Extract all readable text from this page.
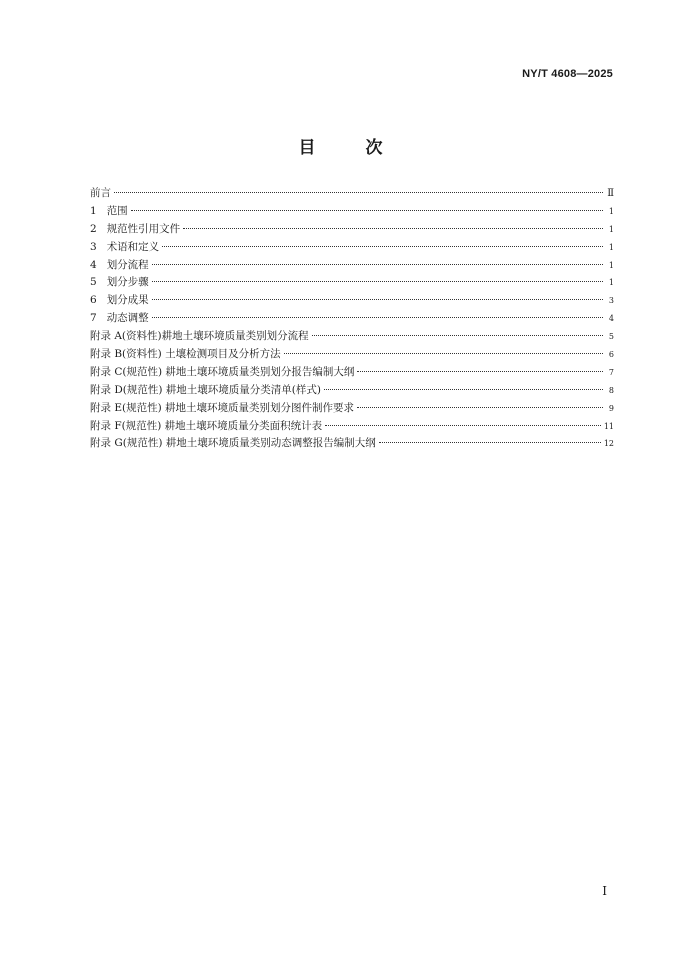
NY/T 4608—2025
目 次
前言	Ⅱ
1 范围	1
2 规范性引用文件	1
3 术语和定义	1
4 划分流程	1
5 划分步骤	1
6 划分成果	3
7 动态调整	4
附录 A(资料性)耕地土壤环境质量类别划分流程	5
附录 B(资料性) 土壤检测项目及分析方法	6
附录 C(规范性) 耕地土壤环境质量类别划分报告编制大纲	7
附录 D(规范性) 耕地土壤环境质量分类清单(样式)	8
附录 E(规范性) 耕地土壤环境质量类别划分图件制作要求	9
附录 F(规范性) 耕地土壤环境质量分类面积统计表	11
附录 G(规范性) 耕地土壤环境质量类别动态调整报告编制大纲	12
Ⅰ
